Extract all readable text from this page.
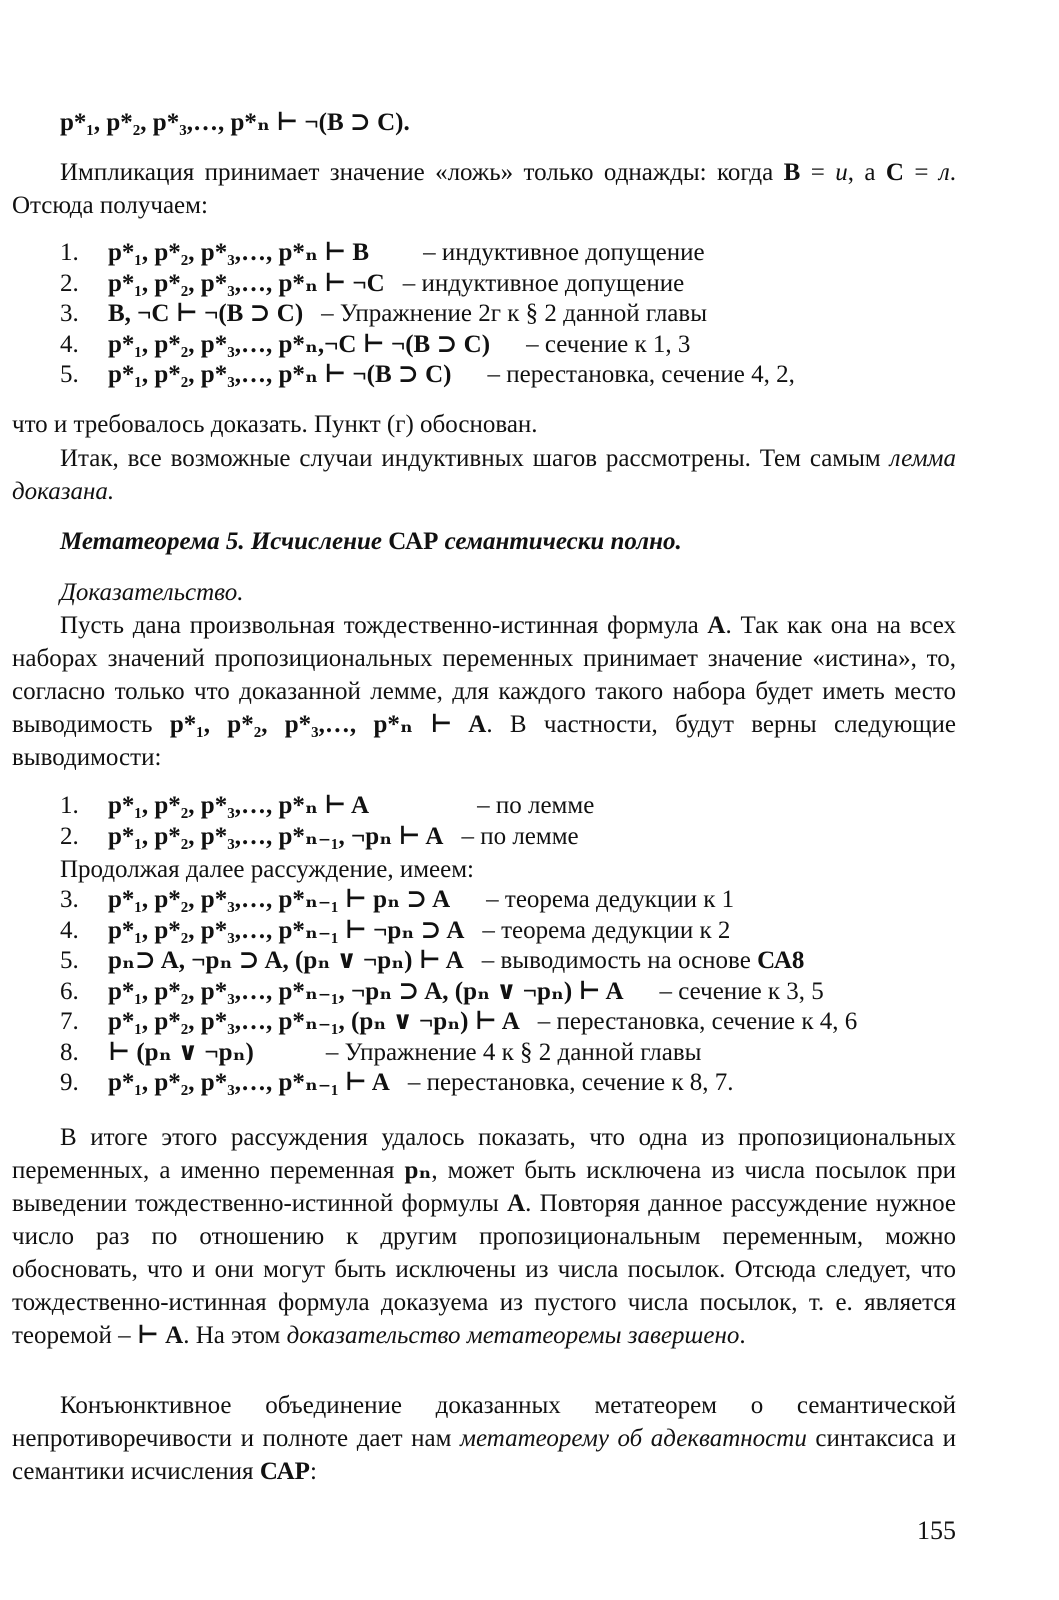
p*₁, p*₂, p*₃,…, p*ₙ ⊢ ¬(B ⊃ C).

Импликация принимает значение «ложь» только однажды: когда B = и, а C = л. Отсюда получаем:

1. p*₁, p*₂, p*₃,…, p*ₙ ⊢ B – индуктивное допущение
2. p*₁, p*₂, p*₃,…, p*ₙ ⊢ ¬C – индуктивное допущение
3. B, ¬C ⊢ ¬(B ⊃ C) – Упражнение 2г к § 2 данной главы
4. p*₁, p*₂, p*₃,…, p*ₙ,¬C ⊢ ¬(B ⊃ C) – сечение к 1, 3
5. p*₁, p*₂, p*₃,…, p*ₙ ⊢ ¬(B ⊃ C) – перестановка, сечение 4, 2,

что и требовалось доказать. Пункт (г) обоснован.

Итак, все возможные случаи индуктивных шагов рассмотрены. Тем самым лемма доказана.

Метатеорема 5. Исчисление САР семантически полно.
Доказательство.

Пусть дана произвольная тождественно-истинная формула A. Так как она на всех наборах значений пропозициональных переменных принимает значение «истина», то, согласно только что доказанной лемме, для каждого такого набора будет иметь место выводимость p*₁, p*₂, p*₃,…, p*ₙ ⊢ A. В частности, будут верны следующие выводимости:

1. p*₁, p*₂, p*₃,…, p*ₙ ⊢ A	– по лемме
2. p*₁, p*₂, p*₃,…, p*ₙ₋₁, ¬pₙ ⊢ A – по лемме
Продолжая далее рассуждение, имеем:
3. p*₁, p*₂, p*₃,…, p*ₙ₋₁ ⊢ pₙ ⊃ A – теорема дедукции к 1
4. p*₁, p*₂, p*₃,…, p*ₙ₋₁ ⊢ ¬pₙ ⊃ A – теорема дедукции к 2
5. pₙ⊃ A, ¬pₙ ⊃ A, (pₙ ∨ ¬pₙ) ⊢ A – выводимость на основе СА8
6. p*₁, p*₂, p*₃,…, p*ₙ₋₁, ¬pₙ ⊃ A, (pₙ ∨ ¬pₙ) ⊢ A – сечение к 3, 5
7. p*₁, p*₂, p*₃,…, p*ₙ₋₁, (pₙ ∨ ¬pₙ) ⊢ A – перестановка, сечение к 4, 6
8. ⊢ (pₙ ∨ ¬pₙ)	– Упражнение 4 к § 2 данной главы
9. p*₁, p*₂, p*₃,…, p*ₙ₋₁ ⊢ A – перестановка, сечение к 8, 7.

В итоге этого рассуждения удалось показать, что одна из пропозициональных переменных, а именно переменная pₙ, может быть исключена из числа посылок при выведении тождественно-истинной формулы A. Повторяя данное рассуждение нужное число раз по отношению к другим пропозициональным переменным, можно обосновать, что и они могут быть исключены из числа посылок. Отсюда следует, что тождественно-истинная формула доказуема из пустого числа посылок, т. е. является теоремой – ⊢ A. На этом доказательство метатеоремы завершено.

Конъюнктивное объединение доказанных метатеорем о семантической непротиворечивости и полноте дает нам метатеорему об адекватности синтаксиса и семантики исчисления САР:

155
